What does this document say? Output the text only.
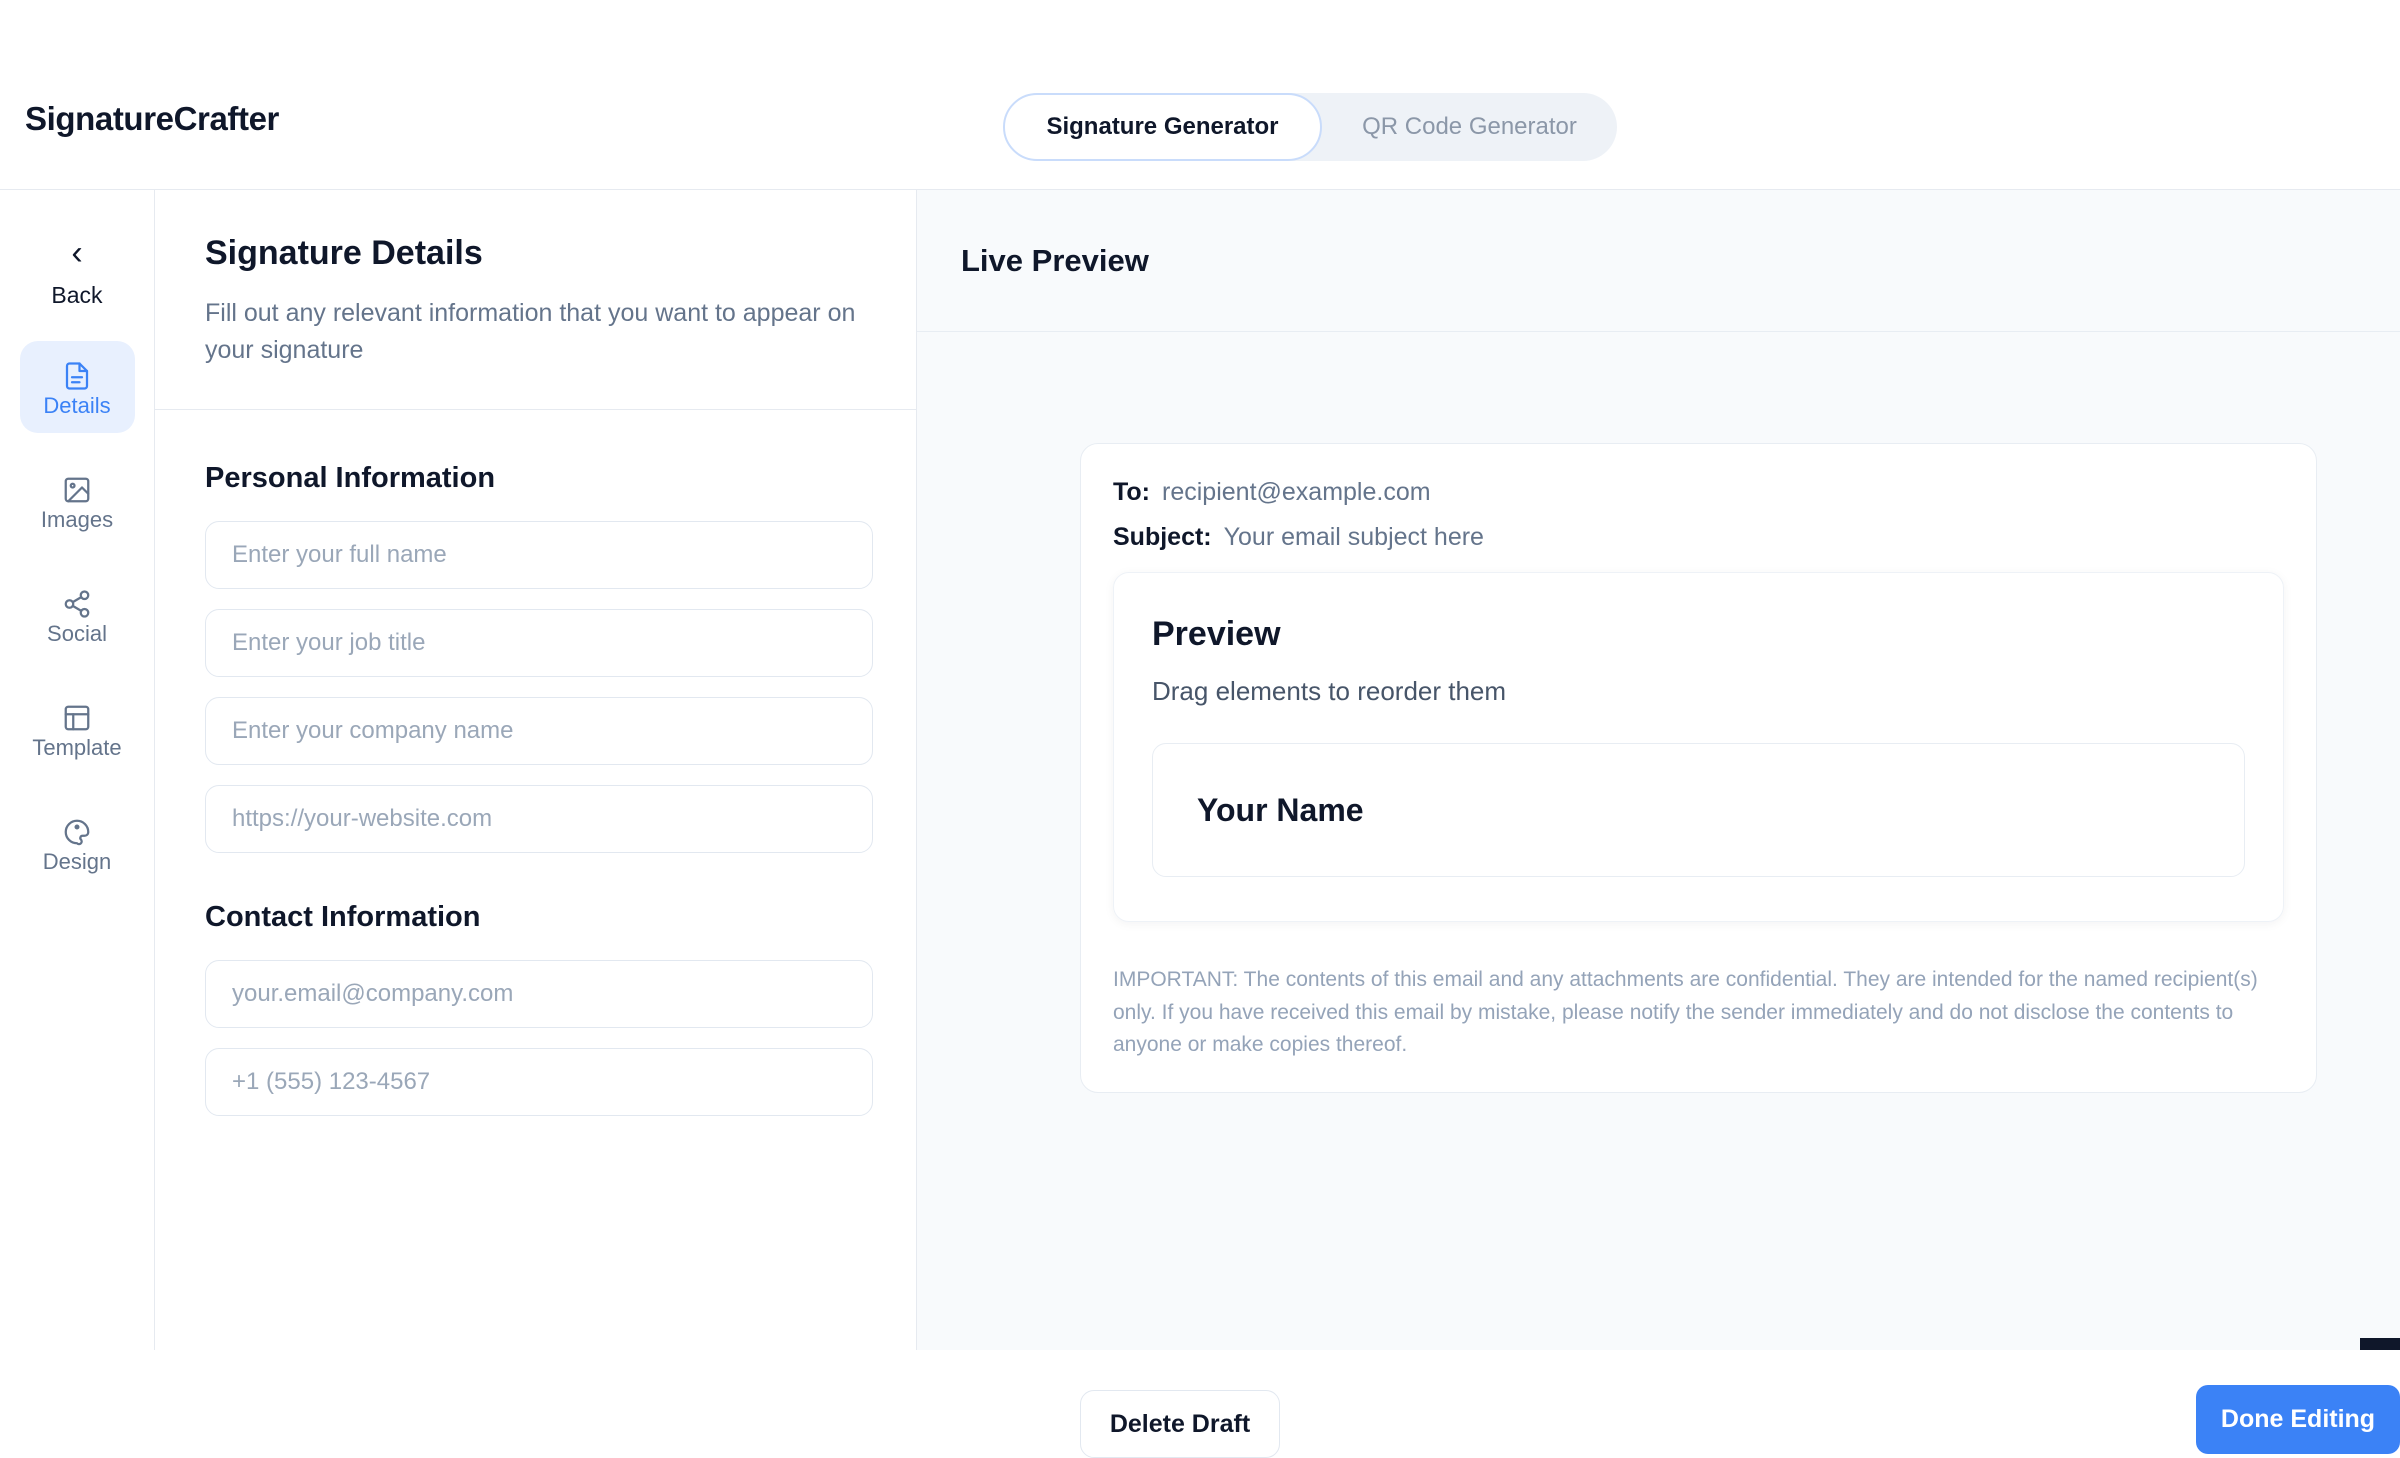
SignatureCrafter	Signature Generator	QR Code Generator
‹
Back
Details
Images
Social
Template
Design
Signature Details
Fill out any relevant information that you want to appear on your signature
Personal Information
Enter your full name
Enter your job title
Enter your company name
https://your-website.com
Contact Information
your.email@company.com
+1 (555) 123-4567
Live Preview
To: recipient@example.com
Subject: Your email subject here
Preview
Drag elements to reorder them
Your Name
IMPORTANT: The contents of this email and any attachments are confidential. They are intended for the named recipient(s) only. If you have received this email by mistake, please notify the sender immediately and do not disclose the contents to anyone or make copies thereof.
Delete Draft	Done Editing
